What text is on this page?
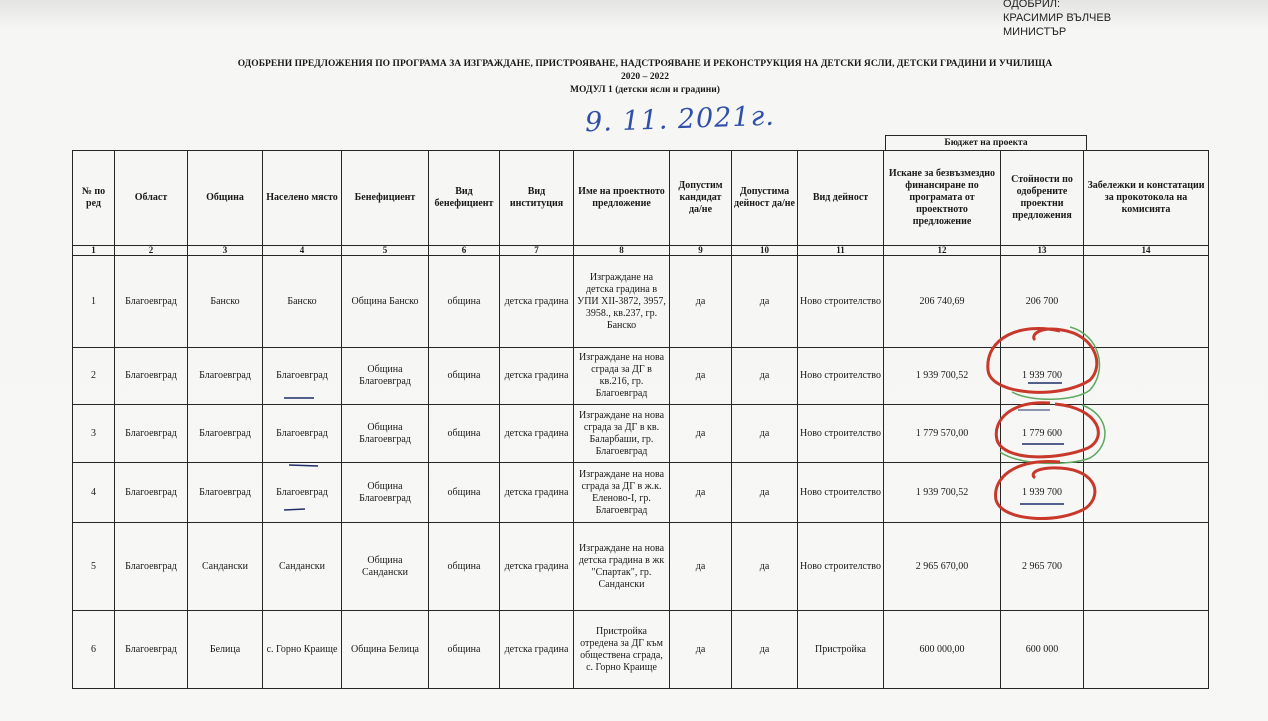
ОДОБРИЛ:
КРАСИМИР ВЪЛЧЕВ
МИНИСТЪР
ОДОБРЕНИ ПРЕДЛОЖЕНИЯ ПО ПРОГРАМА ЗА ИЗГРАЖДАНЕ, ПРИСТРОЯВАНЕ, НАДСТРОЯВАНЕ И РЕКОНСТРУКЦИЯ НА ДЕТСКИ ЯСЛИ, ДЕТСКИ ГРАДИНИ И УЧИЛИЩА
2020 – 2022
МОДУЛ 1 (детски ясли и градини)
9. 11. 2021г.
Бюджет на проекта
№ по ред	Област	Община	Населено място	Бенефициент	Вид бенефициент	Вид институция	Име на проектното предложение	Допустим кандидат да/не	Допустима дейност да/не	Вид дейност	Искане за безвъзмездно финансиране по програмата от проектното предложение	Стойности по одобрените проектни предложения	Забележки и констатации за прокотокола на комисията
1	2	3	4	5	6	7	8	9	10	11	12	13	14
1	Благоевград	Банско	Банско	Община Банско	община	детска градина	Изграждане на детска градина в УПИ XII-3872, 3957, 3958., кв.237, гр. Банско	да	да	Ново строителство	206 740,69	206 700	
2	Благоевград	Благоевград	Благоевград	Община Благоевград	община	детска градина	Изграждане на нова сграда за ДГ в кв.216, гр. Благоевград	да	да	Ново строителство	1 939 700,52	1 939 700	
3	Благоевград	Благоевград	Благоевград	Община Благоевград	община	детска градина	Изграждане на нова сграда за ДГ в кв. Баларбаши, гр. Благоевград	да	да	Ново строителство	1 779 570,00	1 779 600	
4	Благоевград	Благоевград	Благоевград	Община Благоевград	община	детска градина	Изграждане на нова сграда за ДГ в ж.к. Еленово-I, гр. Благоевград	да	да	Ново строителство	1 939 700,52	1 939 700	
5	Благоевград	Сандански	Сандански	Община Сандански	община	детска градина	Изграждане на нова детска градина в жк "Спартак", гр. Сандански	да	да	Ново строителство	2 965 670,00	2 965 700	
6	Благоевград	Белица	с. Горно Краище	Община Белица	община	детска градина	Пристройка отредена за ДГ към обществена сграда, с. Горно Краище	да	да	Пристройка	600 000,00	600 000	
